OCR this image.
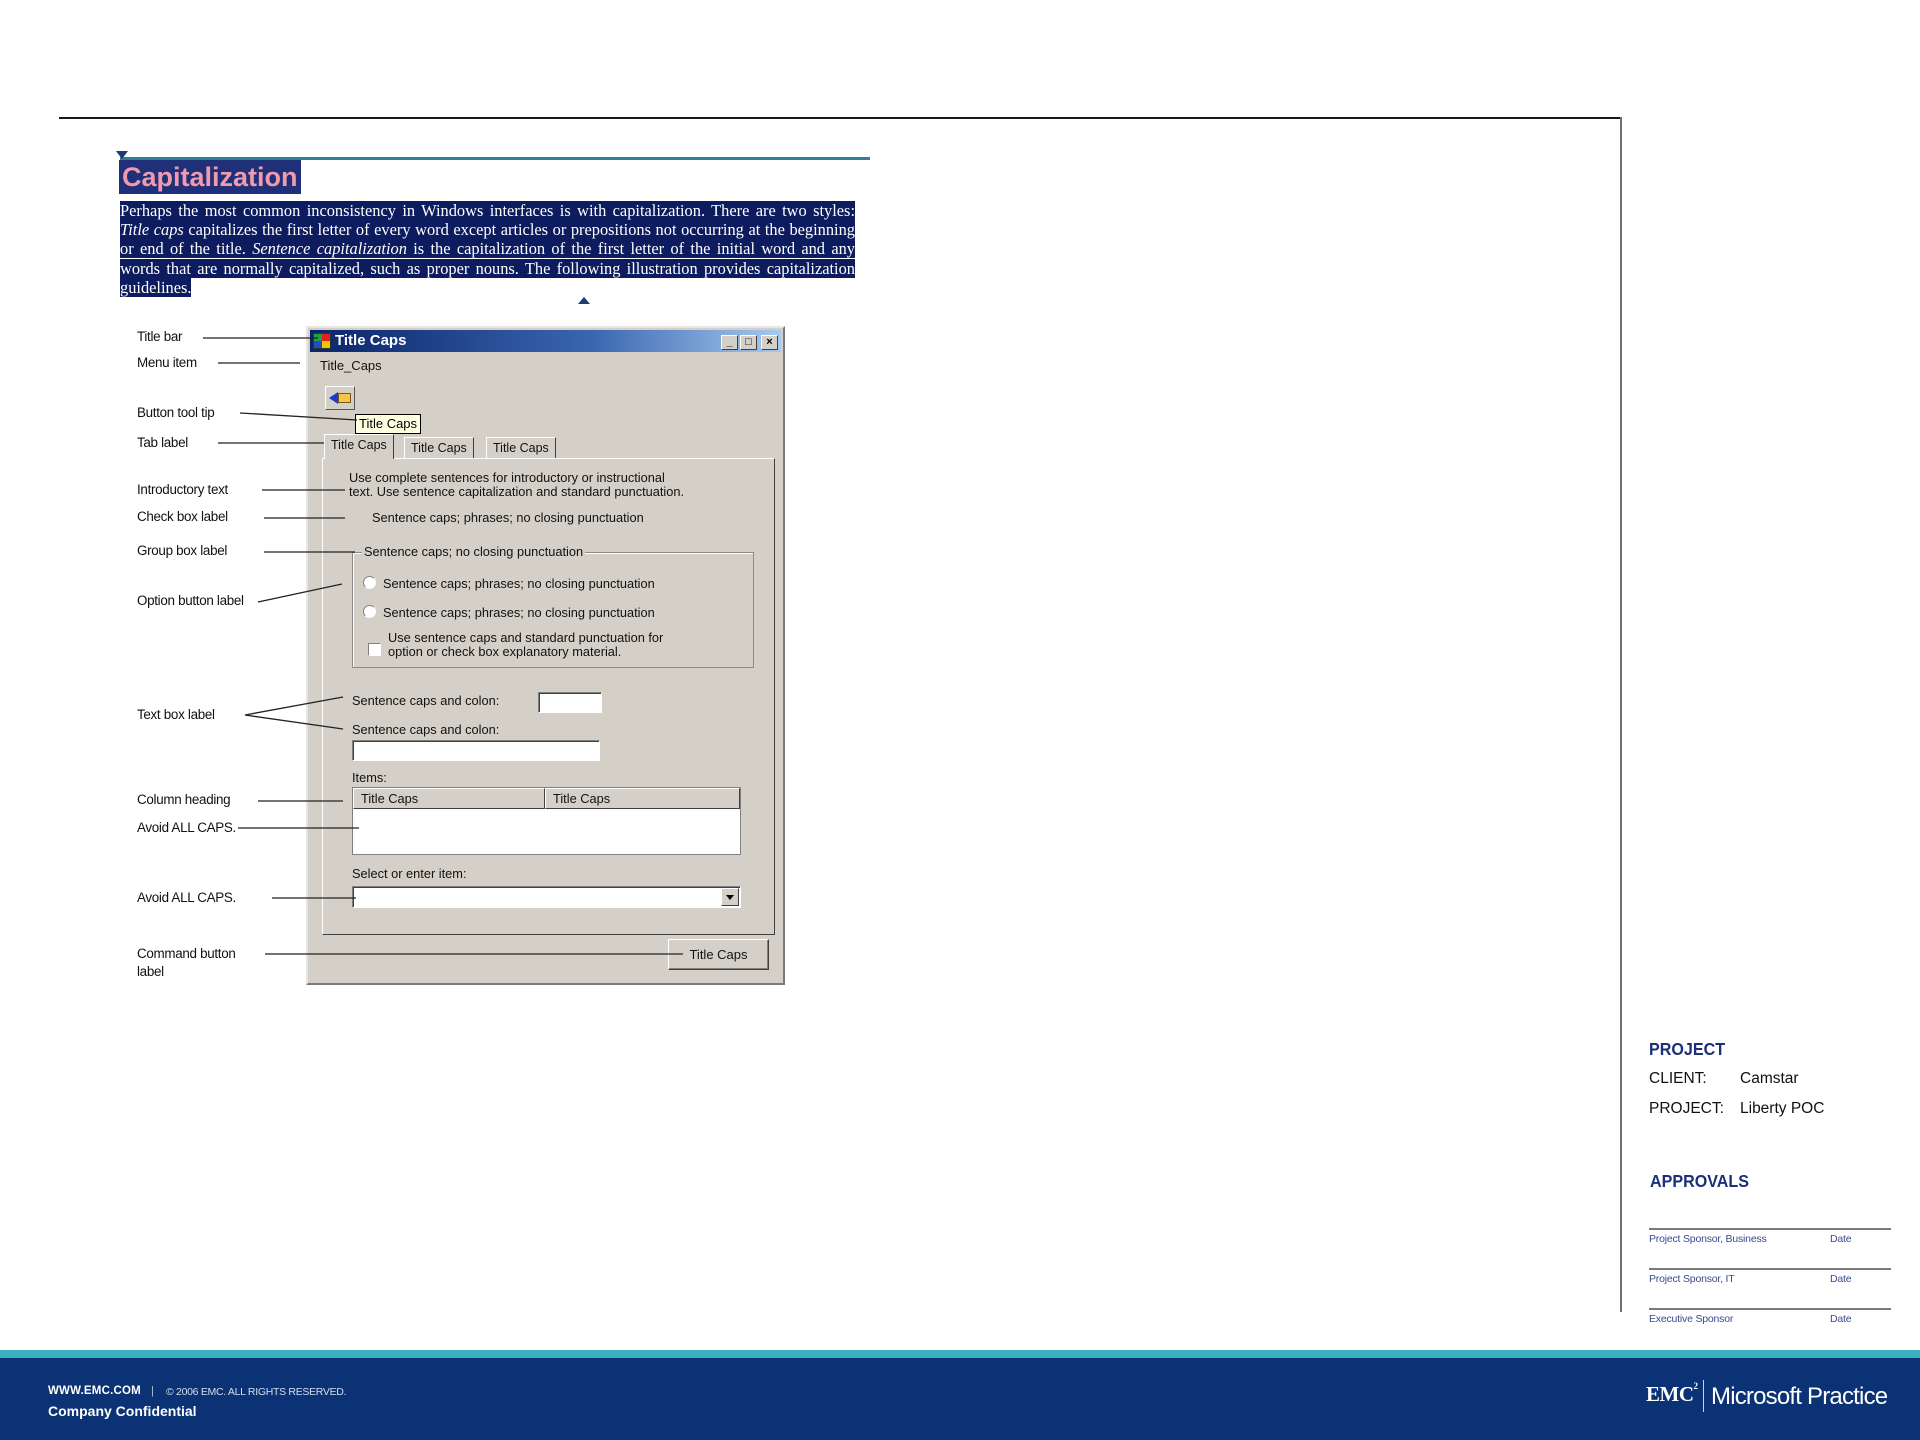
Capitalization
Perhaps the most common inconsistency in Windows interfaces is with capitalization. There are two styles: Title caps capitalizes the first letter of every word except articles or prepositions not occurring at the beginning or end of the title. Sentence capitalization is the capitalization of the first letter of the initial word and any words that are normally capitalized, such as proper nouns. The following illustration provides capitalization guidelines.
Title bar
Menu item
Button tool tip
Tab label
Introductory text
Check box label
Group box label
Option button label
Text box label
Column heading
Avoid ALL CAPS.
Avoid ALL CAPS.
Command button
label
Title Caps	_	□	×
Title_Caps
Title Caps
Title Caps	Title Caps	Title Caps
Use complete sentences for introductory or instructional
text. Use sentence capitalization and standard punctuation.
Sentence caps; no closing punctuation
Sentence caps; phrases; no closing punctuation
Sentence caps; phrases; no closing punctuation
Use sentence caps and standard punctuation for
option or check box explanatory material.
Sentence caps and colon:
Sentence caps and colon:
Items:
Title Caps	Title Caps
Select or enter item:
Title Caps
Sentence caps; phrases; no closing punctuation
PROJECT
CLIENT: Camstar
PROJECT: Liberty POC
APPROVALS
Project Sponsor, Business	Date
Project Sponsor, IT	Date
Executive Sponsor	Date
WWW.EMC.COM | © 2006 EMC. ALL RIGHTS RESERVED.
Company Confidential
EMC$^2$ Microsoft Practice
